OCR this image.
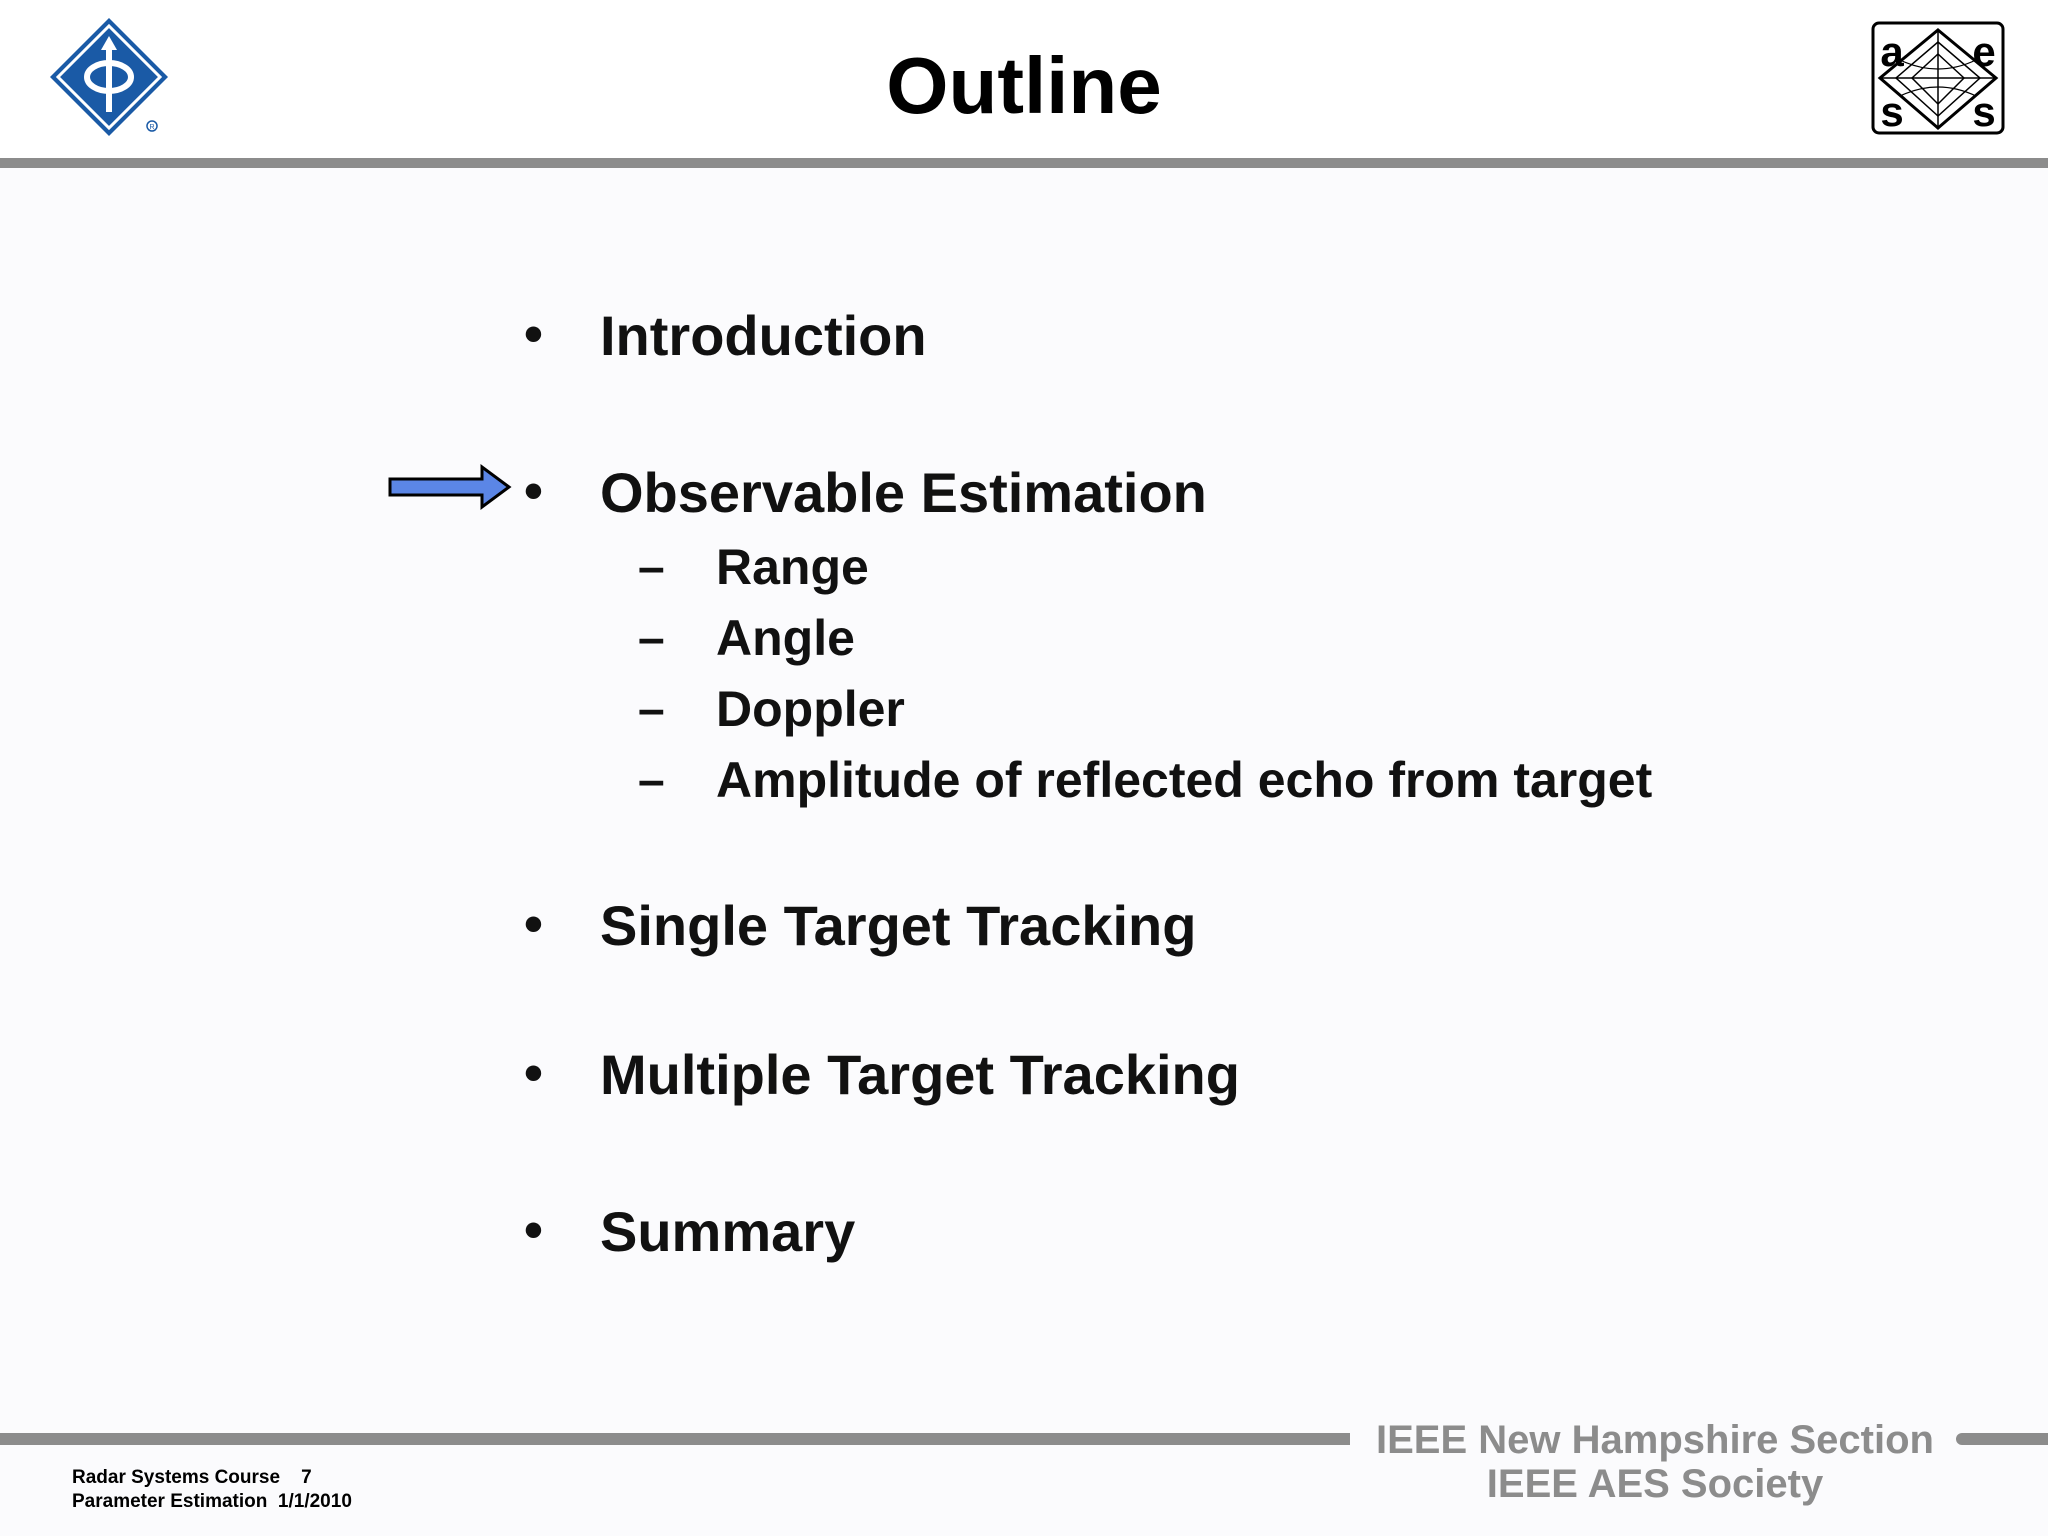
R
a e
s s
Outline
• Introduction
• Observable Estimation
– Range
– Angle
– Doppler
– Amplitude of reflected echo from target
• Single Target Tracking
• Multiple Target Tracking
• Summary
Radar Systems Course 7
Parameter Estimation 1/1/2010
IEEE New Hampshire Section
IEEE AES Society
